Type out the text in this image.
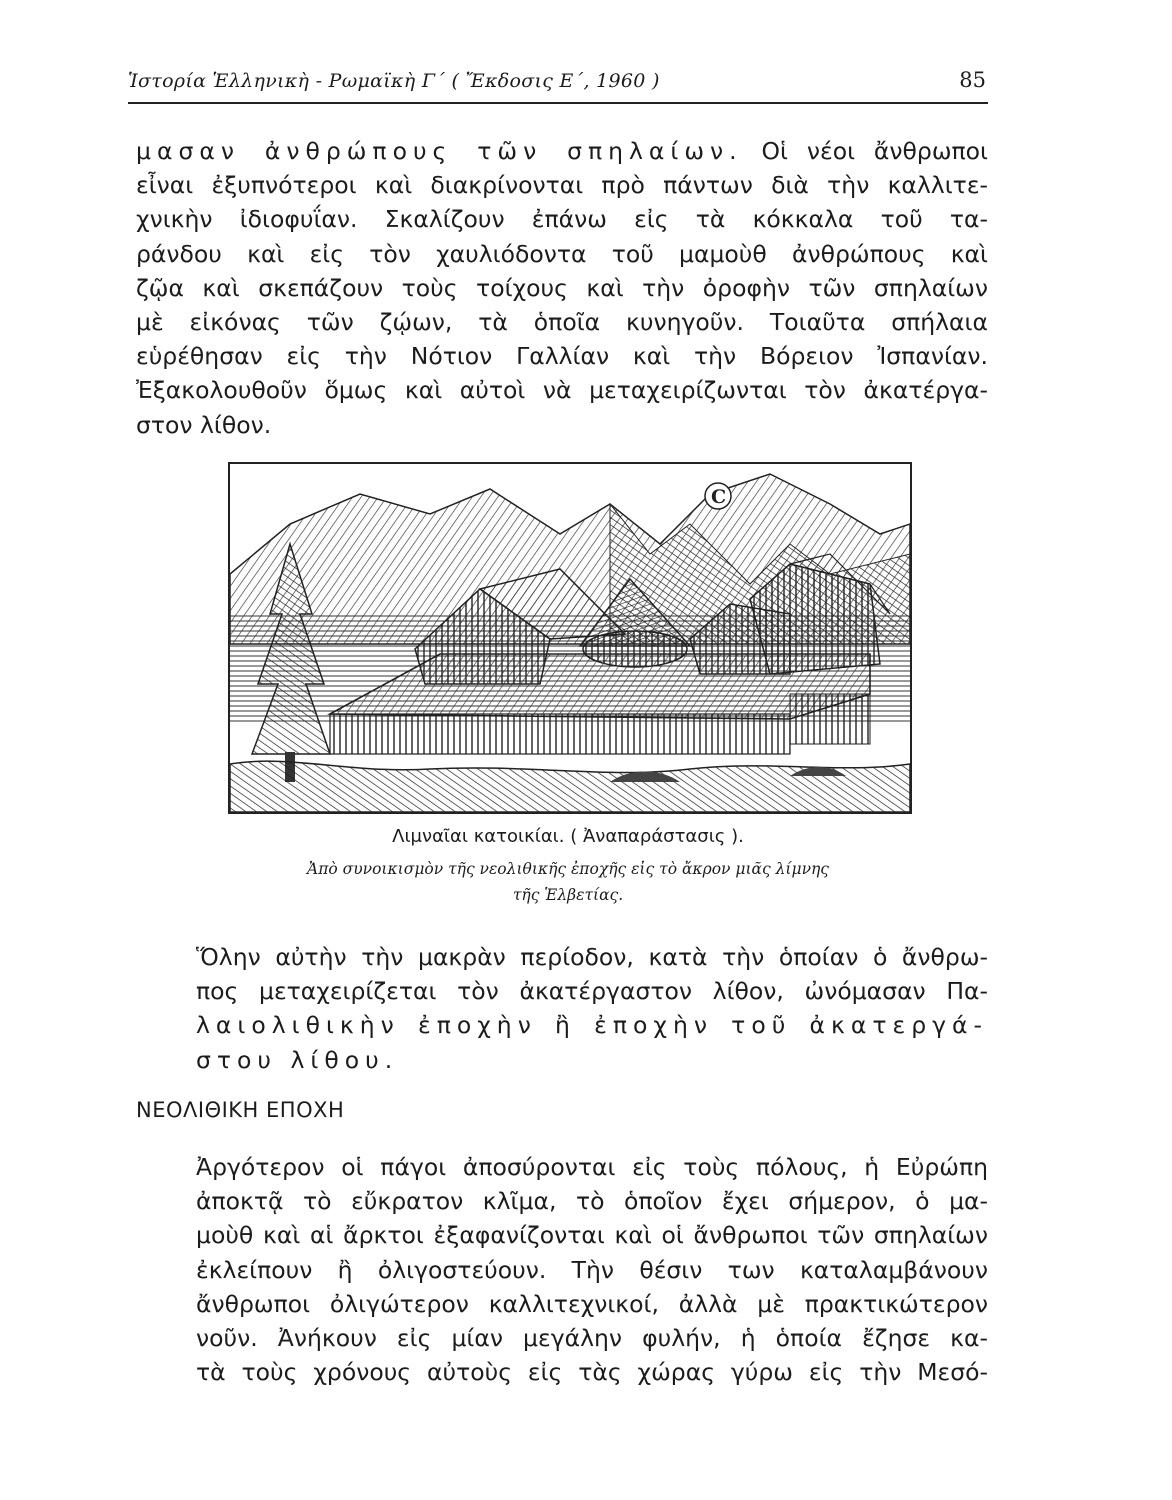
Ἱστορία Ἑλληνικὴ - Ρωμαϊκὴ Γ΄ ( Ἔκδοσις Ε΄, 1960 )	85

μασαν ἀνθρώπους τῶν σπηλαίων. Οἱ νέοι ἄνθρωποι

εἶναι ἐξυπνότεροι καὶ διακρίνονται πρὸ πάντων διὰ τὴν καλλιτε-

χνικὴν ἰδιοφυΐαν. Σκαλίζουν ἐπάνω εἰς τὰ κόκκαλα τοῦ τα-

ράνδου καὶ εἰς τὸν χαυλιόδοντα τοῦ μαμοὺθ ἀνθρώπους καὶ

ζῷα καὶ σκεπάζουν τοὺς τοίχους καὶ τὴν ὀροφὴν τῶν σπηλαίων

μὲ εἰκόνας τῶν ζῴων, τὰ ὁποῖα κυνηγοῦν. Τοιαῦτα σπήλαια

εὑρέθησαν εἰς τὴν Νότιον Γαλλίαν καὶ τὴν Βόρειον Ἰσπανίαν.

Ἐξακολουθοῦν ὅμως καὶ αὐτοὶ νὰ μεταχειρίζωνται τὸν ἀκατέργα-

στον λίθον.

C
Λιμναῖαι κατοικίαι. ( Ἀναπαράστασις ).
Ἀπὸ συνοικισμὸν τῆς νεολιθικῆς ἐποχῆς εἰς τὸ ἄκρον μιᾶς λίμνης
τῆς Ἑλβετίας.

Ὅλην αὐτὴν τὴν μακρὰν περίοδον, κατὰ τὴν ὁποίαν ὁ ἄνθρω-

πος μεταχειρίζεται τὸν ἀκατέργαστον λίθον, ὠνόμασαν Πα-

λαιολιθικὴν ἐποχὴν ἢ ἐποχὴν τοῦ ἀκατεργά-

στου λίθου.

ΝΕΟΛΙΘΙΚΗ ΕΠΟΧΗ

Ἀργότερον οἱ πάγοι ἀποσύρονται εἰς τοὺς πόλους, ἡ Εὐρώπη

ἀποκτᾷ τὸ εὔκρατον κλῖμα, τὸ ὁποῖον ἔχει σήμερον, ὁ μα-

μοὺθ καὶ αἱ ἄρκτοι ἐξαφανίζονται καὶ οἱ ἄνθρωποι τῶν σπηλαίων

ἐκλείπουν ἢ ὀλιγοστεύουν. Τὴν θέσιν των καταλαμβάνουν

ἄνθρωποι ὀλιγώτερον καλλιτεχνικοί, ἀλλὰ μὲ πρακτικώτερον

νοῦν. Ἀνήκουν εἰς μίαν μεγάλην φυλήν, ἡ ὁποία ἔζησε κα-

τὰ τοὺς χρόνους αὐτοὺς εἰς τὰς χώρας γύρω εἰς τὴν Μεσό-
